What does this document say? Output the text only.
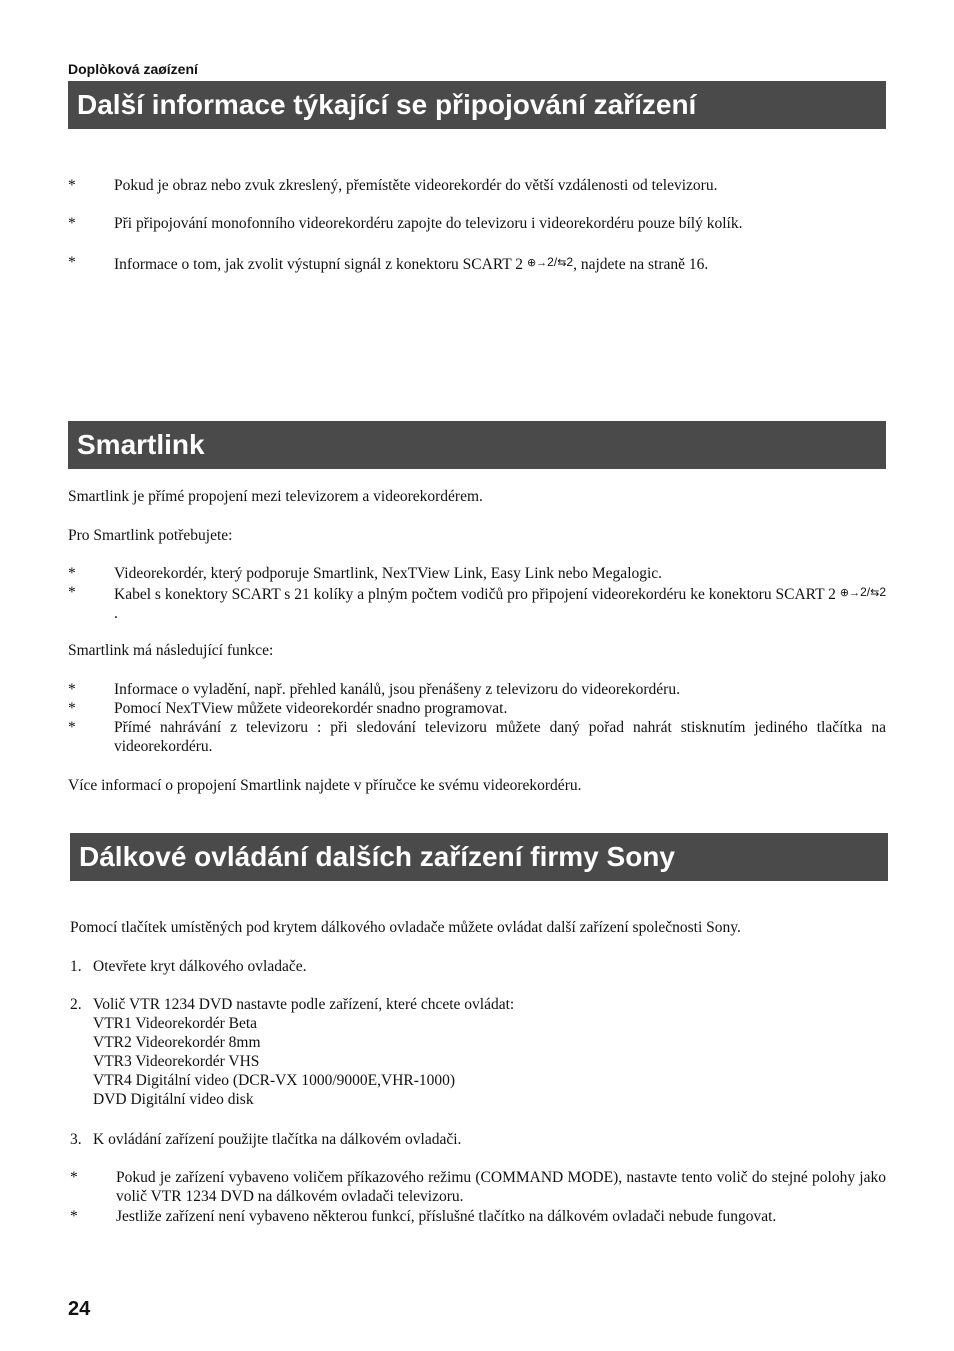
Doplòková zaøízení
Další informace týkající se připojování zařízení
* Pokud je obraz nebo zvuk zkreslený, přemístěte videorekordér do větší vzdálenosti od televizoru.
* Při připojování monofonního videorekordéru zapojte do televizoru i videorekordéru pouze bílý kolík.
* Informace o tom, jak zvolit výstupní signál z konektoru SCART 2 ⊕→2/⇆2, najdete na straně 16.
Smartlink
Smartlink je přímé propojení mezi televizorem a videorekordérem.
Pro Smartlink potřebujete:
* Videorekordér, který podporuje Smartlink, NexTView Link, Easy Link nebo Megalogic.
* Kabel s konektory SCART s 21 kolíky a plným počtem vodičů pro připojení videorekordéru ke konektoru SCART 2 ⊕→2/⇆2.
Smartlink má následující funkce:
* Informace o vyladění, např. přehled kanálů, jsou přenášeny z televizoru do videorekordéru.
* Pomocí NexTView můžete videorekordér snadno programovat.
* Přímé nahrávání z televizoru : při sledování televizoru můžete daný pořad nahrát stisknutím jediného tlačítka na videorekordéru.
Více informací o propojení Smartlink najdete v příručce ke svému videorekordéru.
Dálkové ovládání dalších zařízení firmy Sony
Pomocí tlačítek umístěných pod krytem dálkového ovladače můžete ovládat další zařízení společnosti Sony.
1. Otevřete kryt dálkového ovladače.
2. Volič VTR 1234 DVD nastavte podle zařízení, které chcete ovládat:
VTR1 Videorekordér Beta
VTR2 Videorekordér 8mm
VTR3 Videorekordér VHS
VTR4 Digitální video (DCR-VX 1000/9000E,VHR-1000)
DVD Digitální video disk
3. K ovládání zařízení použijte tlačítka na dálkovém ovladači.
* Pokud je zařízení vybaveno voličem příkazového režimu (COMMAND MODE), nastavte tento volič do stejné polohy jako volič VTR 1234 DVD na dálkovém ovladači televizoru.
* Jestliže zařízení není vybaveno některou funkcí, příslušné tlačítko na dálkovém ovladači nebude fungovat.
24
